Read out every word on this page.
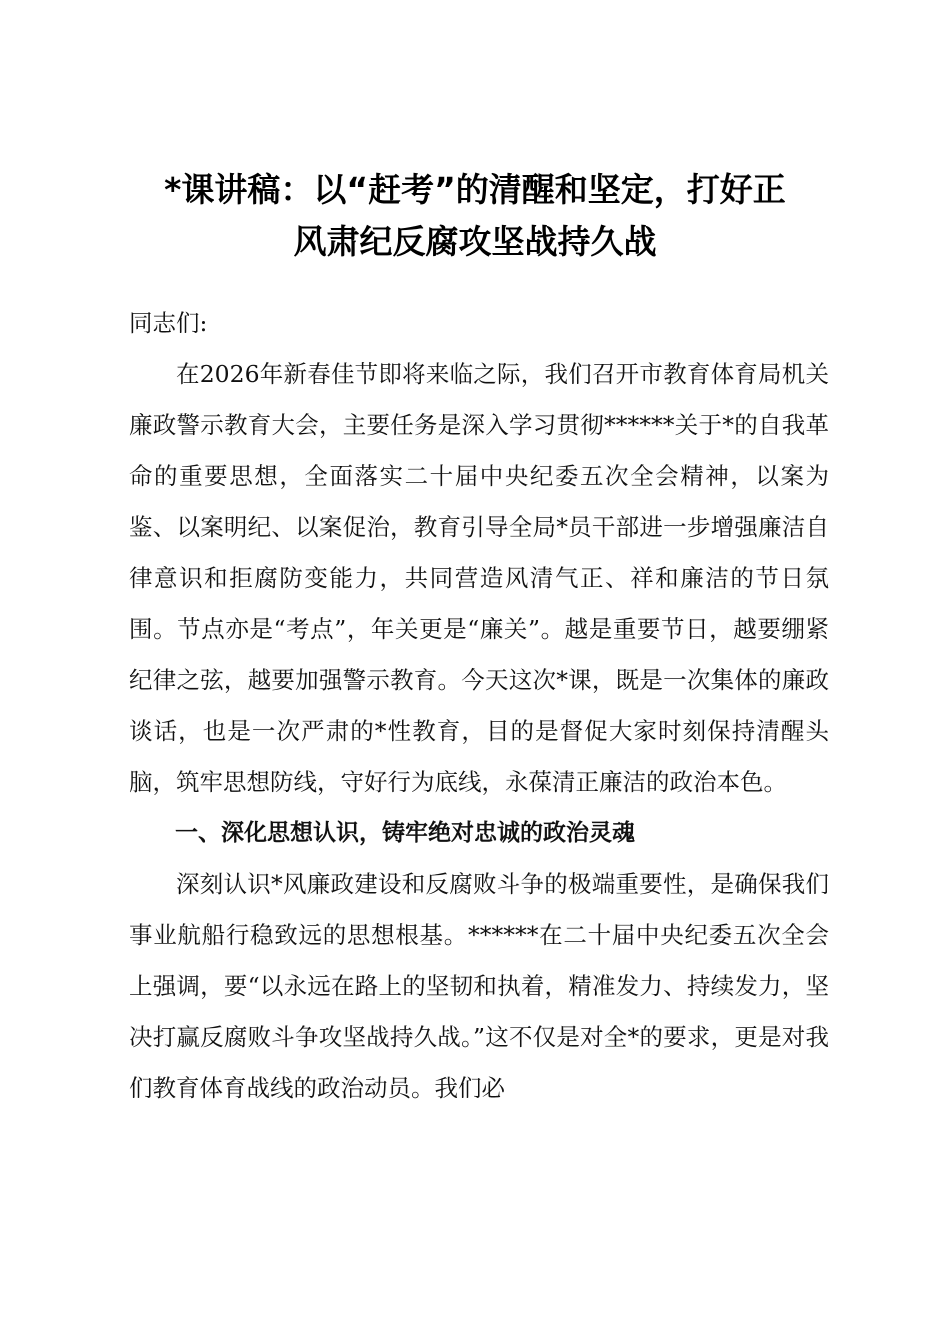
*课讲稿：以“赶考”的清醒和坚定，打好正
风肃纪反腐攻坚战持久战

同志们:

在2026年新春佳节即将来临之际，我们召开市教育体育局机关廉政警示教育大会，主要任务是深入学习贯彻******关于*的自我革命的重要思想，全面落实二十届中央纪委五次全会精神，以案为鉴、以案明纪、以案促治，教育引导全局*员干部进一步增强廉洁自律意识和拒腐防变能力，共同营造风清气正、祥和廉洁的节日氛围。节点亦是“考点”，年关更是“廉关”。越是重要节日，越要绷紧纪律之弦，越要加强警示教育。今天这次*课，既是一次集体的廉政谈话，也是一次严肃的*性教育，目的是督促大家时刻保持清醒头脑，筑牢思想防线，守好行为底线，永葆清正廉洁的政治本色。

一、深化思想认识，铸牢绝对忠诚的政治灵魂

深刻认识*风廉政建设和反腐败斗争的极端重要性，是确保我们事业航船行稳致远的思想根基。******在二十届中央纪委五次全会上强调，要“以永远在路上的坚韧和执着，精准发力、持续发力，坚决打赢反腐败斗争攻坚战持久战。”这不仅是对全*的要求，更是对我们教育体育战线的政治动员。我们必
